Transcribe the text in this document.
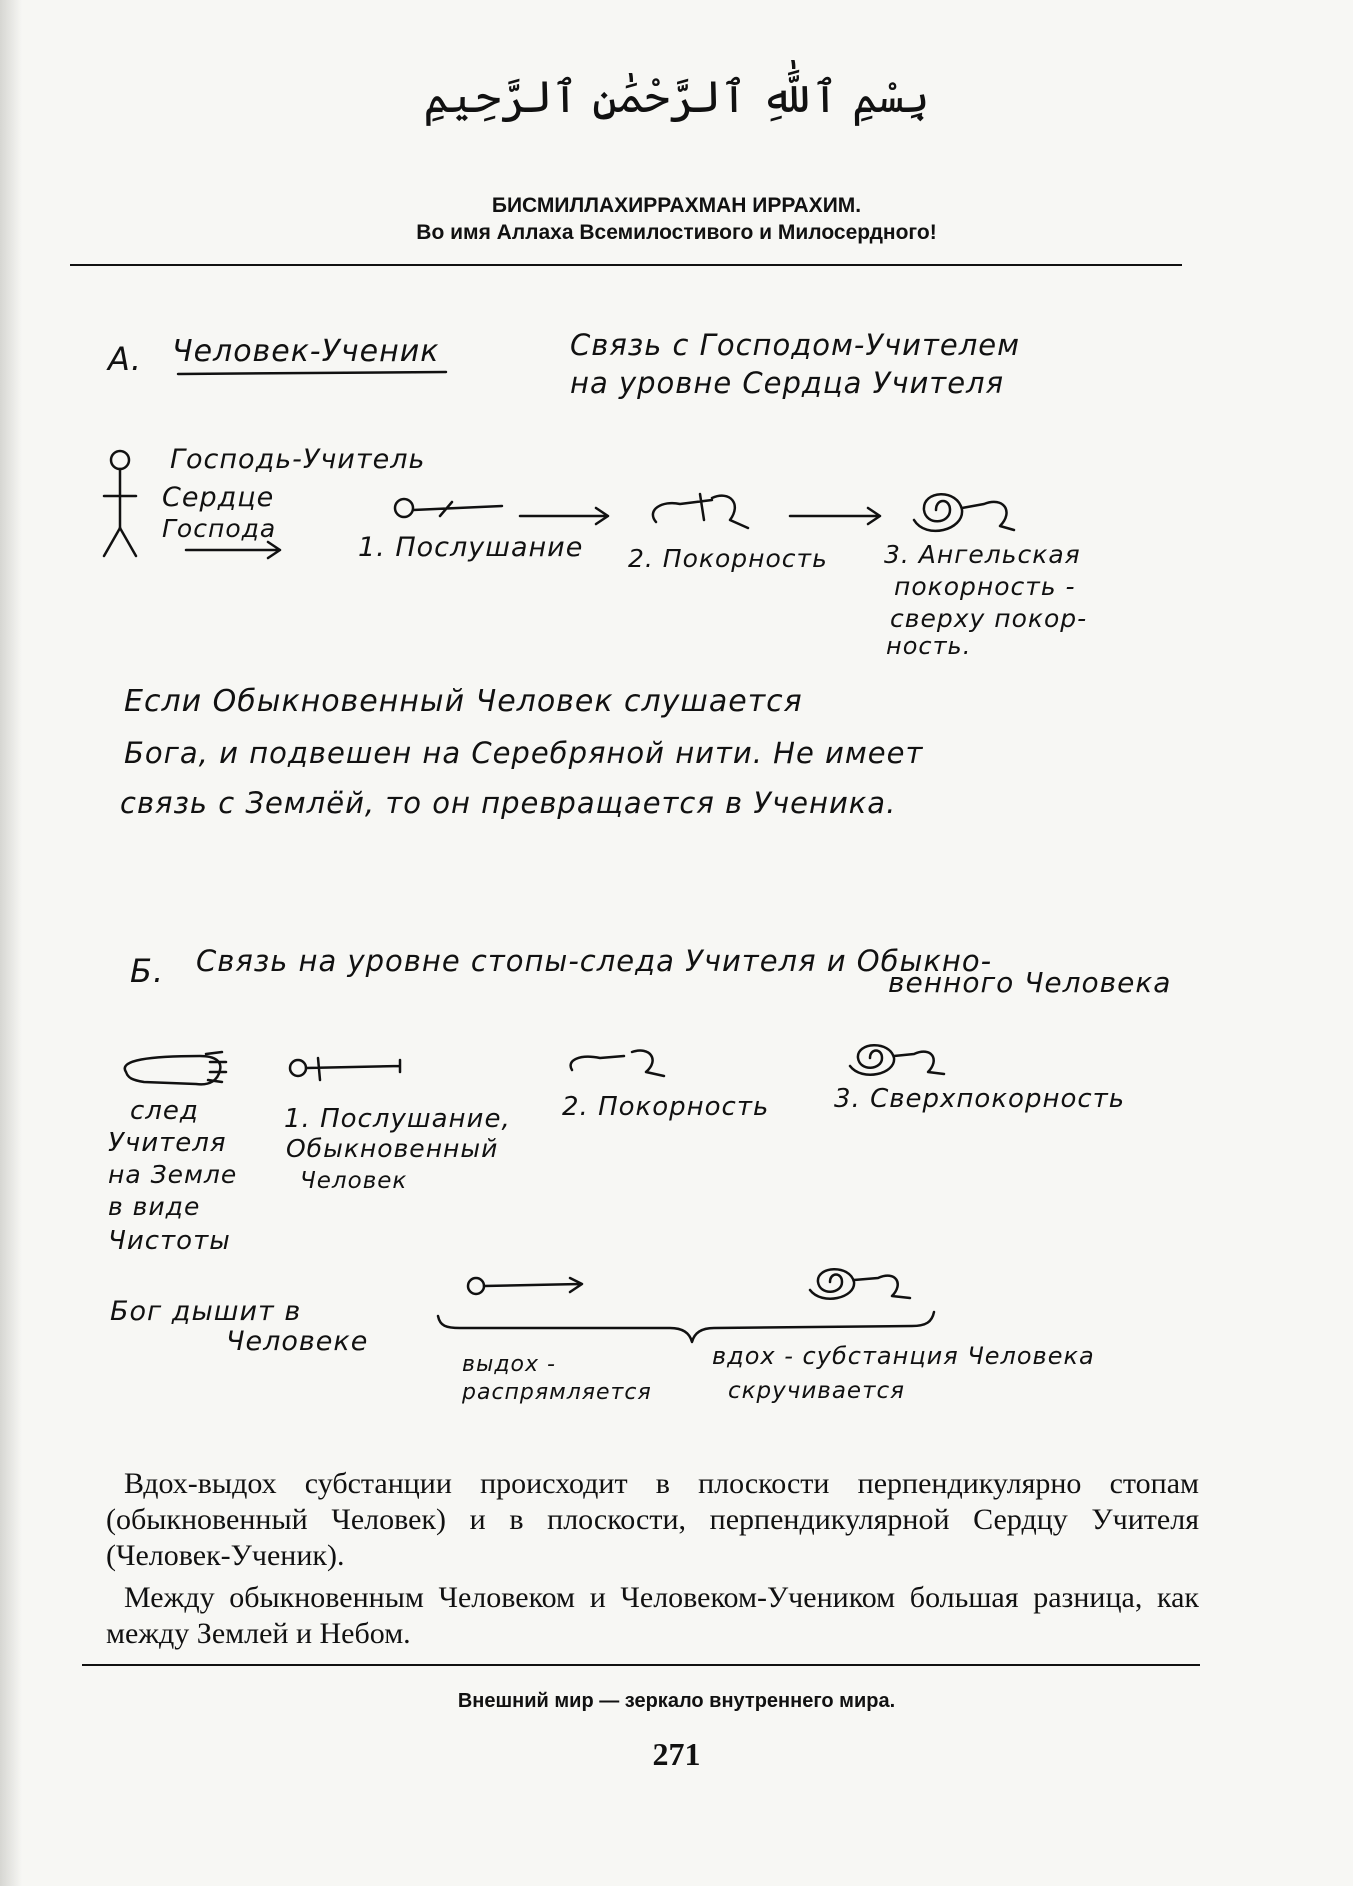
بِسْمِ ٱللَّٰهِ ٱلرَّحْمَٰنِ ٱلرَّحِيمِ
БИСМИЛЛАХИРРАХМАН ИРРАХИМ.
Во имя Аллаха Всемилостивого и Милосердного!
А. Человек-Ученик	Связь с Господом-Учителем
на уровне Сердца Учителя
Господь-Учитель
Сердце
Господа
1. Послушание 2. Покорность 3. Ангельская
покорность -
сверху покор-
ность.
Если Обыкновенный Человек слушается
Бога, и подвешен на Серебряной нити. Не имеет
связь с Землёй, то он превращается в Ученика.
Б. Связь на уровне стопы-следа Учителя и Обыкно-
венного Человека
след
Учителя
на Земле
в виде
Чистоты
1. Послушание,
Обыкновенный
Человек
2. Покорность 3. Сверхпокорность
Бог дышит в
Человеке
выдох -
распрямляется
вдох - субстанция Человека
скручивается

Вдох-выдох субстанции происходит в плоскости перпендикулярно стопам (обыкновенный Человек) и в плоскости, перпендикулярной Сердцу Учителя (Человек-Ученик).

Между обыкновенным Человеком и Человеком-Учеником большая разница, как между Землей и Небом.

Внешний мир — зеркало внутреннего мира.
271
